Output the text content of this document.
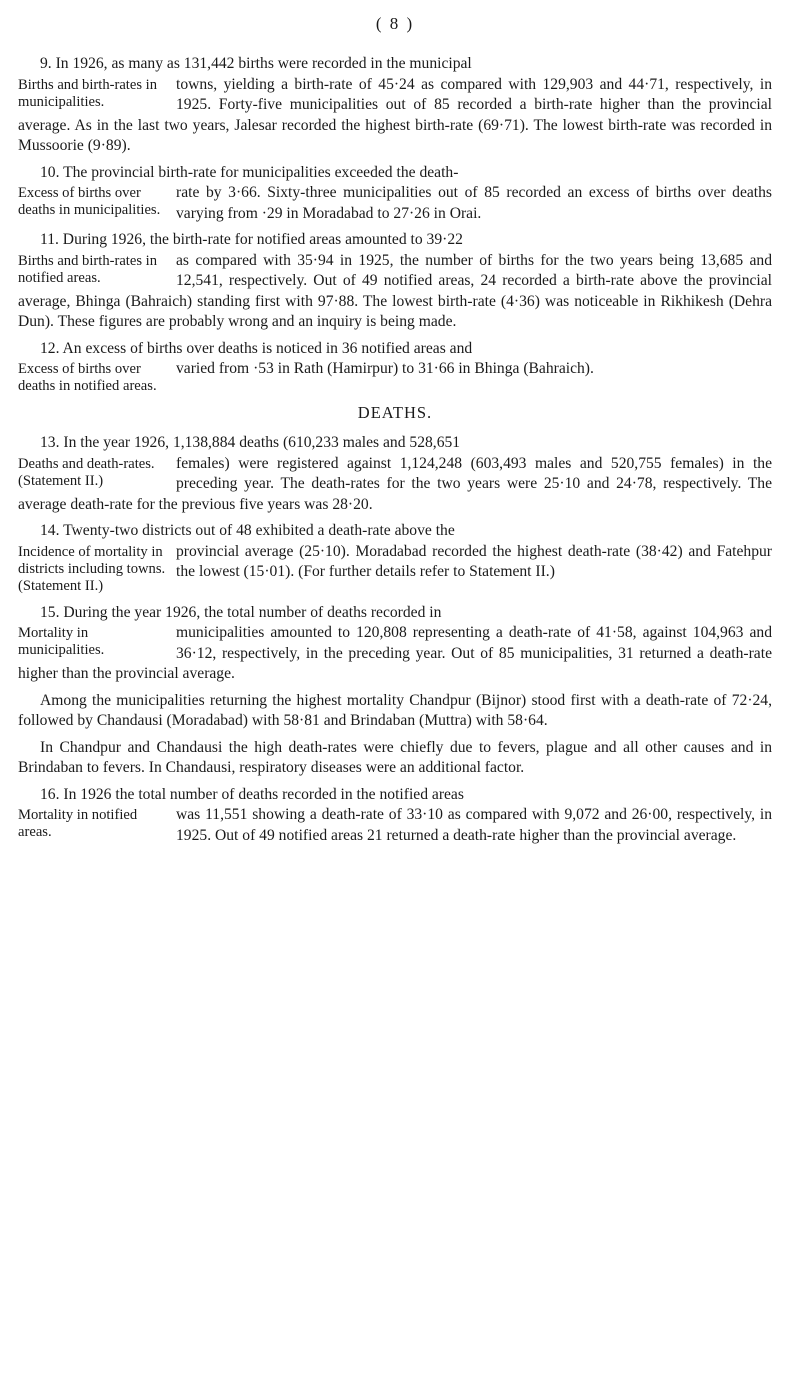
( 8 )
9. In 1926, as many as 131,442 births were recorded in the municipal
Births and birth-rates in municipalities.
towns, yielding a birth-rate of 45·24 as compared with 129,903 and 44·71, respectively, in 1925. Forty-five municipalities out of 85 recorded a birth-rate higher than the provincial average. As in the last two years, Jalesar recorded the highest birth-rate (69·71). The lowest birth-rate was recorded in Mussoorie (9·89).
10. The provincial birth-rate for municipalities exceeded the death-
Excess of births over deaths in municipalities.
rate by 3·66. Sixty-three municipalities out of 85 recorded an excess of births over deaths varying from ·29 in Moradabad to 27·26 in Orai.
11. During 1926, the birth-rate for notified areas amounted to 39·22
Births and birth-rates in notified areas.
as compared with 35·94 in 1925, the number of births for the two years being 13,685 and 12,541, respectively. Out of 49 notified areas, 24 recorded a birth-rate above the provincial average, Bhinga (Bahraich) standing first with 97·88. The lowest birth-rate (4·36) was noticeable in Rikhikesh (Dehra Dun). These figures are probably wrong and an inquiry is being made.
12. An excess of births over deaths is noticed in 36 notified areas and
Excess of births over deaths in notified areas.
varied from ·53 in Rath (Hamirpur) to 31·66 in Bhinga (Bahraich).
DEATHS.
13. In the year 1926, 1,138,884 deaths (610,233 males and 528,651
Deaths and death-rates. (Statement II.)
females) were registered against 1,124,248 (603,493 males and 520,755 females) in the preceding year. The death-rates for the two years were 25·10 and 24·78, respectively. The average death-rate for the previous five years was 28·20.
14. Twenty-two districts out of 48 exhibited a death-rate above the
Incidence of mortality in districts including towns. (Statement II.)
provincial average (25·10). Moradabad recorded the highest death-rate (38·42) and Fatehpur the lowest (15·01). (For further details refer to Statement II.)
15. During the year 1926, the total number of deaths recorded in
Mortality in municipalities.
municipalities amounted to 120,808 representing a death-rate of 41·58, against 104,963 and 36·12, respectively, in the preceding year. Out of 85 municipalities, 31 returned a death-rate higher than the provincial average.

Among the municipalities returning the highest mortality Chandpur (Bijnor) stood first with a death-rate of 72·24, followed by Chandausi (Moradabad) with 58·81 and Brindaban (Muttra) with 58·64.

In Chandpur and Chandausi the high death-rates were chiefly due to fevers, plague and all other causes and in Brindaban to fevers. In Chandausi, respiratory diseases were an additional factor.

16. In 1926 the total number of deaths recorded in the notified areas
Mortality in notified areas.
was 11,551 showing a death-rate of 33·10 as compared with 9,072 and 26·00, respectively, in 1925. Out of 49 notified areas 21 returned a death-rate higher than the provincial average.
